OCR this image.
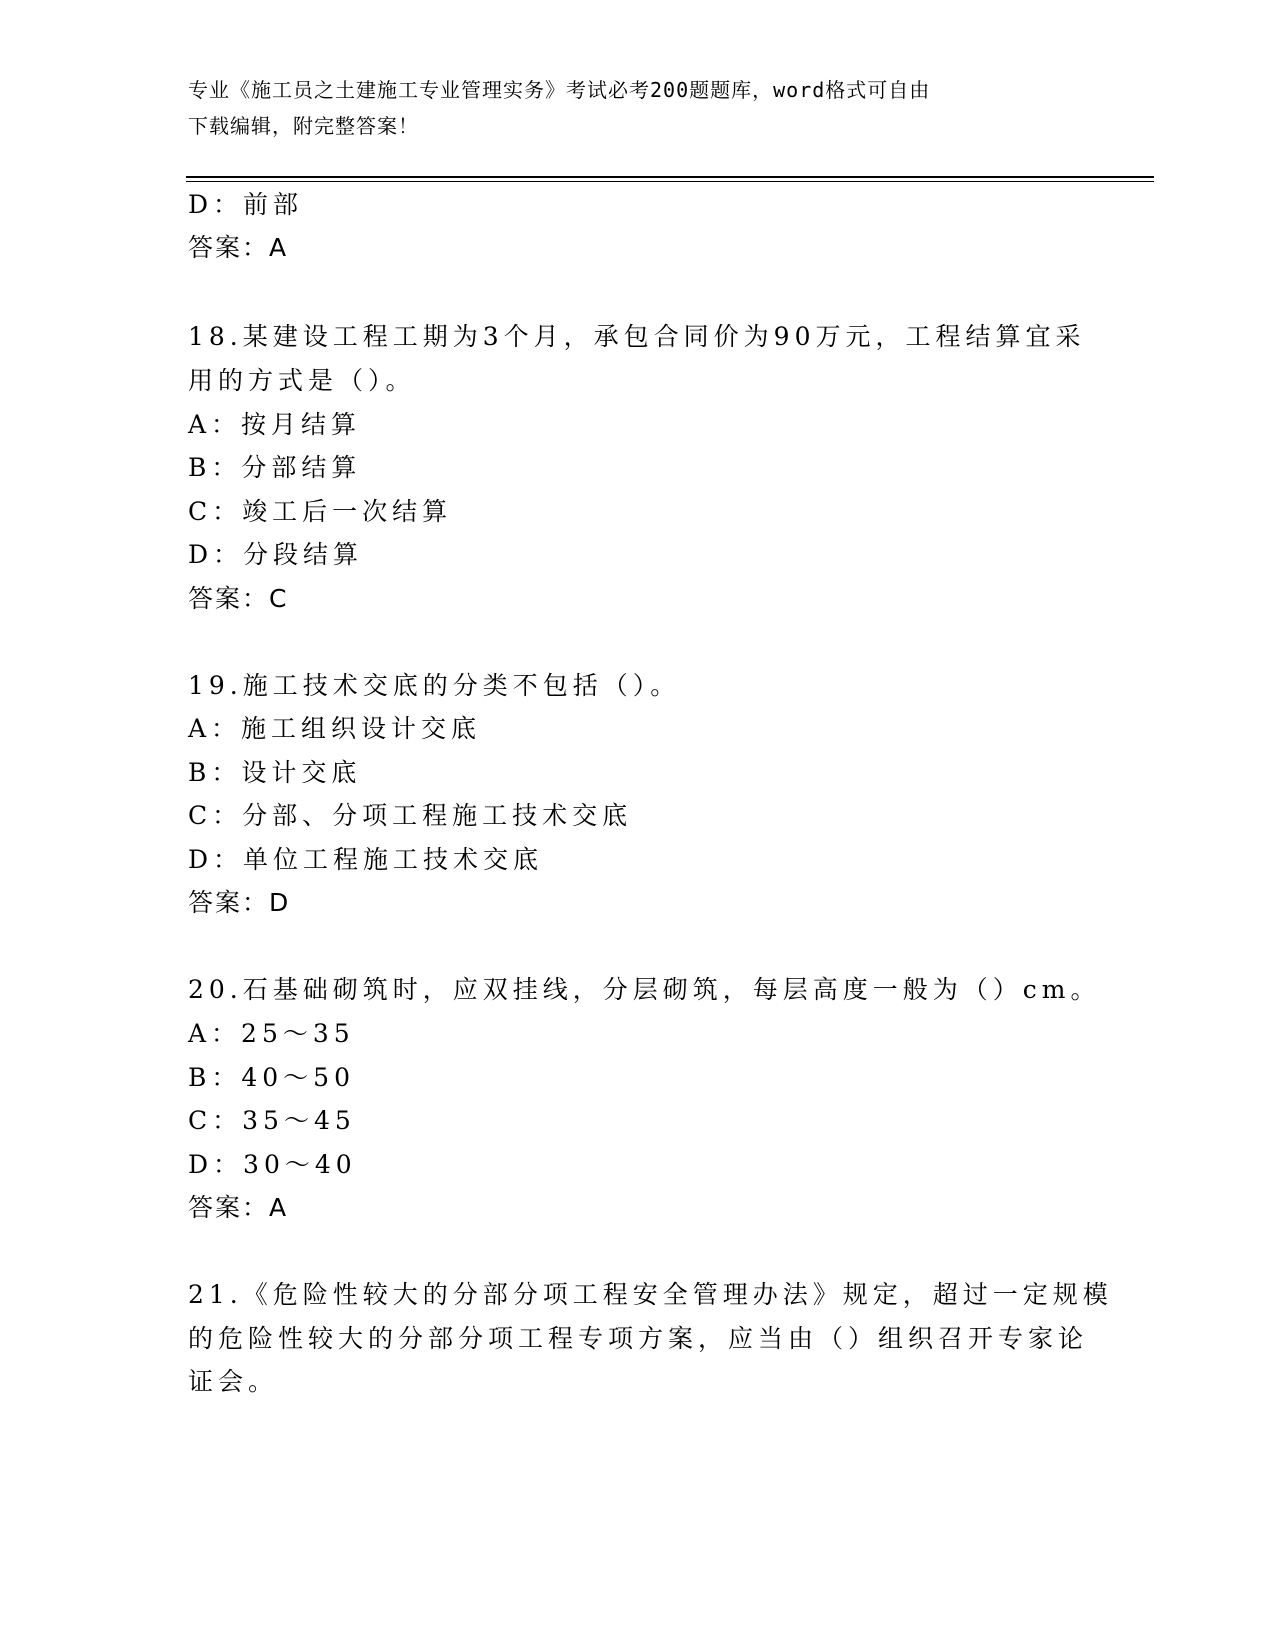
专业《施工员之土建施工专业管理实务》考试必考200题题库，word格式可自由
下载编辑，附完整答案！
D：前部
答案：A
18.某建设工程工期为3个月，承包合同价为90万元，工程结算宜采
用的方式是（）。
A：按月结算
B：分部结算
C：竣工后一次结算
D：分段结算
答案：C
19.施工技术交底的分类不包括（）。
A：施工组织设计交底
B：设计交底
C：分部、分项工程施工技术交底
D：单位工程施工技术交底
答案：D
20.石基础砌筑时，应双挂线，分层砌筑，每层高度一般为（）cm。
A：25～35
B：40～50
C：35～45
D：30～40
答案：A
21.《危险性较大的分部分项工程安全管理办法》规定，超过一定规模
的危险性较大的分部分项工程专项方案，应当由（）组织召开专家论
证会。
